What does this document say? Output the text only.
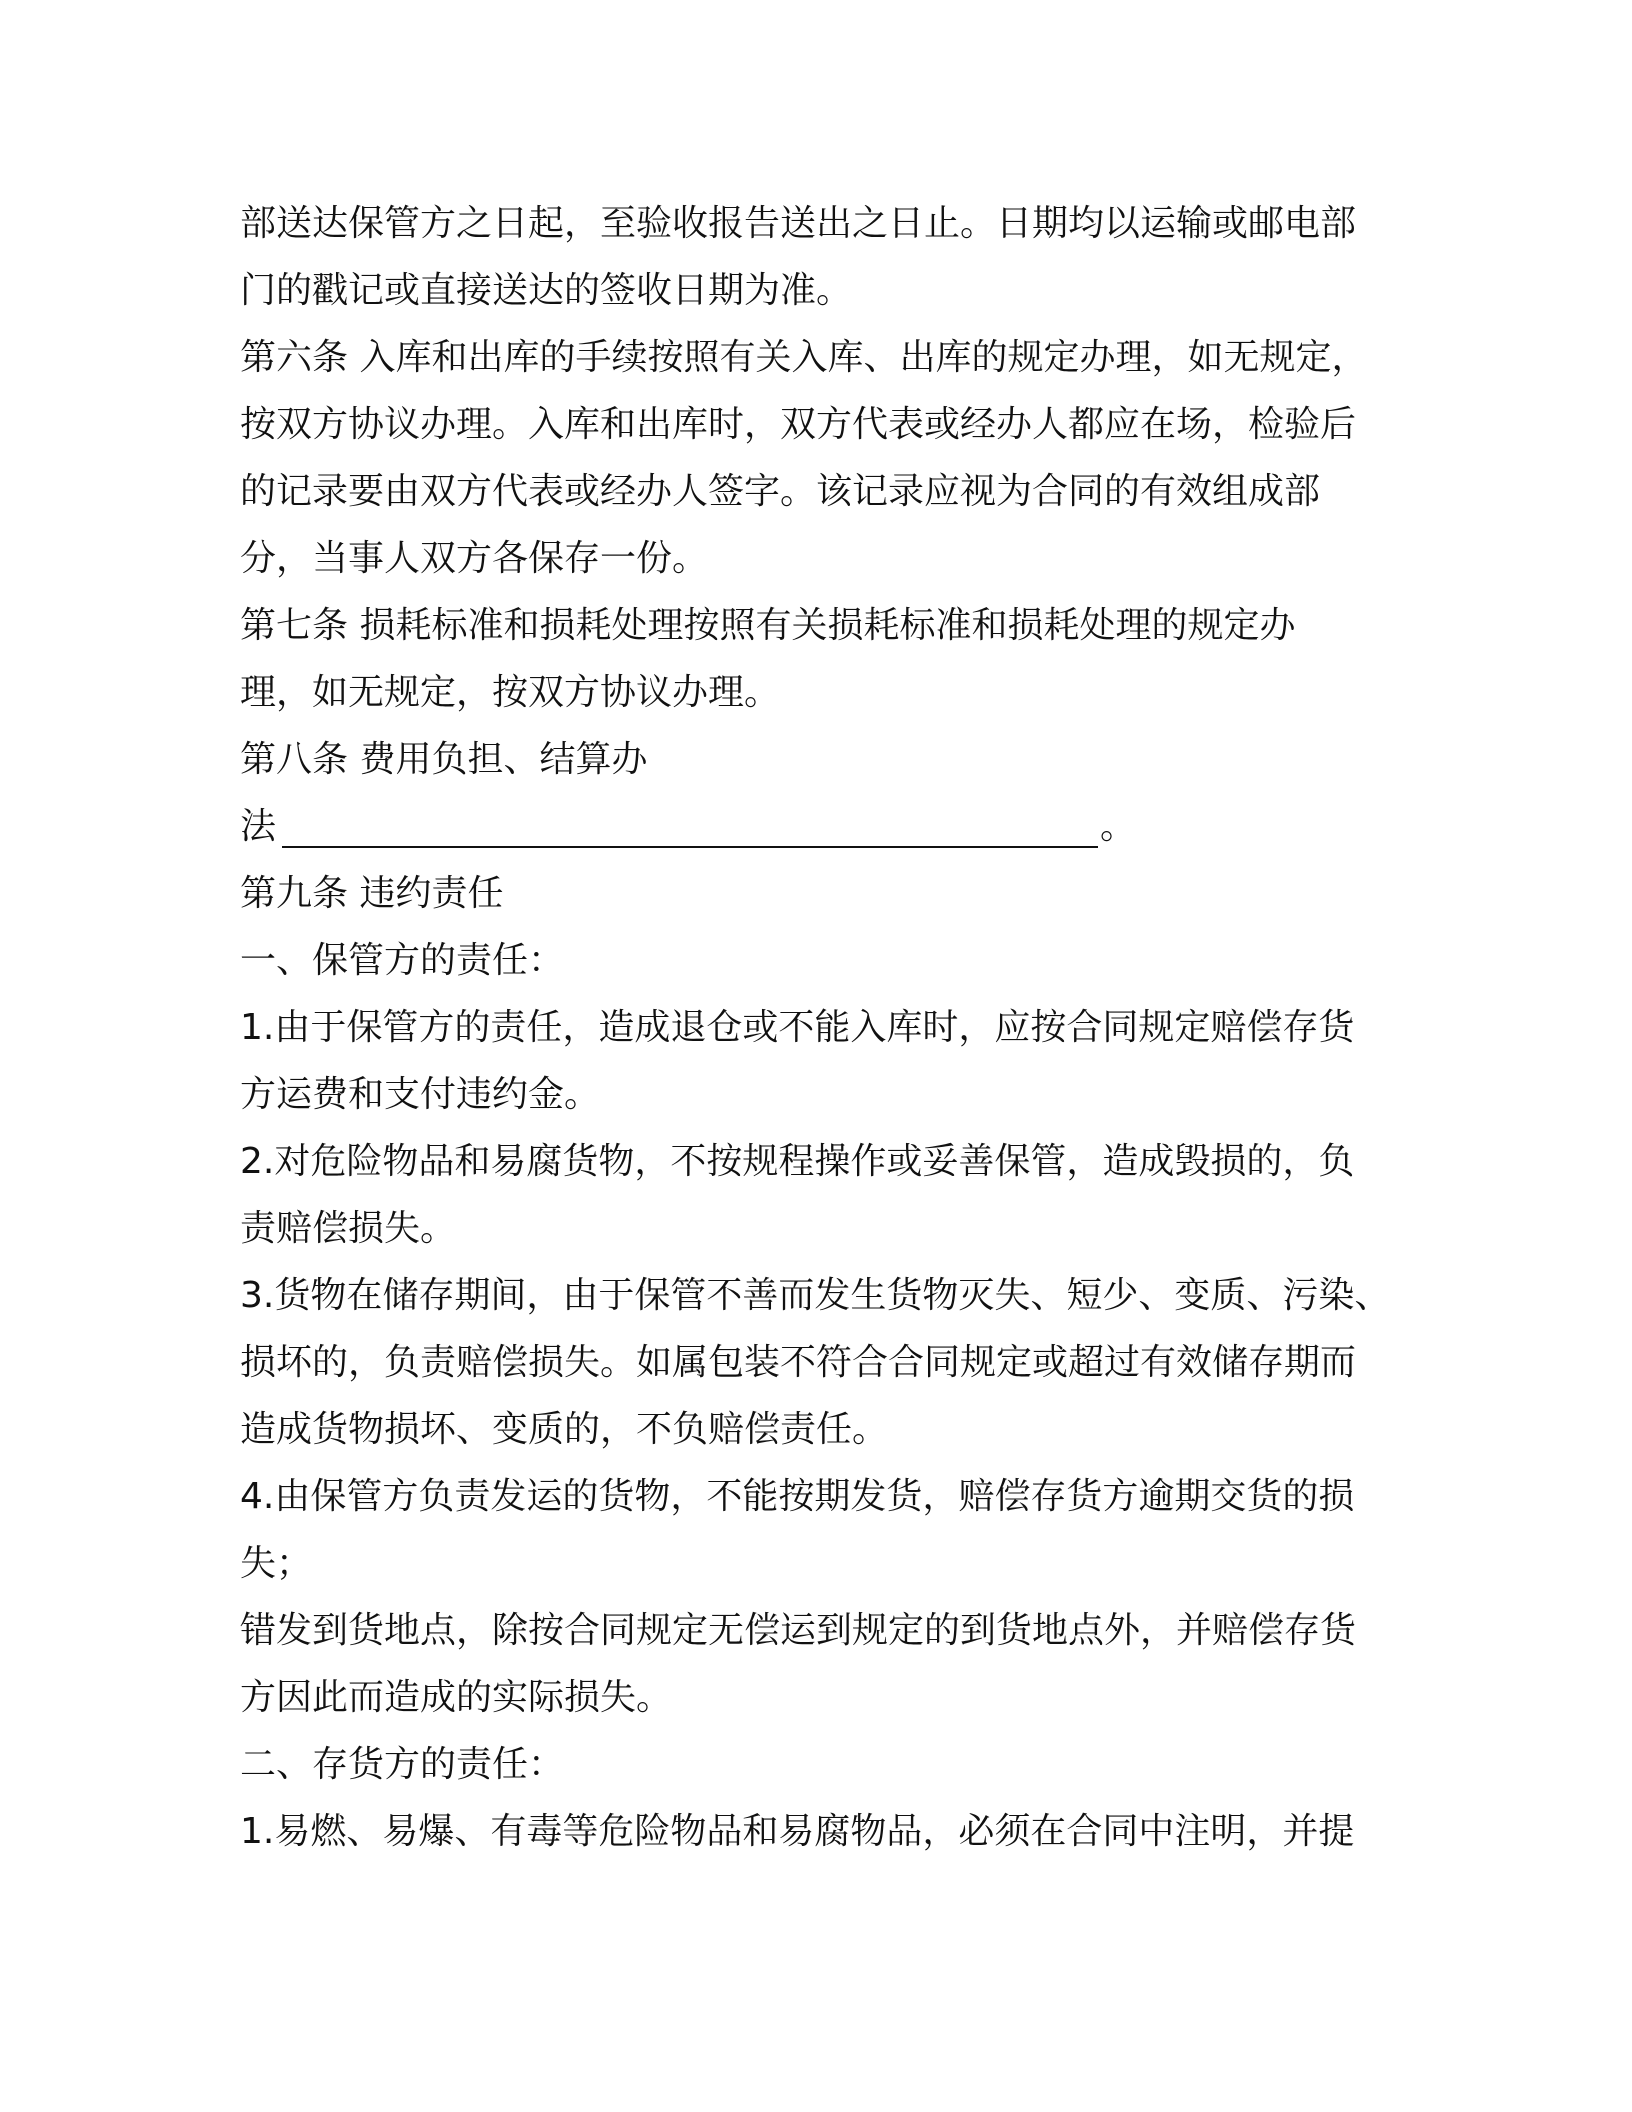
部送达保管方之日起，至验收报告送出之日止。日期均以运输或邮电部
门的戳记或直接送达的签收日期为准。
第六条 入库和出库的手续按照有关入库、出库的规定办理，如无规定，
按双方协议办理。入库和出库时，双方代表或经办人都应在场，检验后
的记录要由双方代表或经办人签字。该记录应视为合同的有效组成部
分，当事人双方各保存一份。
第七条 损耗标准和损耗处理按照有关损耗标准和损耗处理的规定办
理，如无规定，按双方协议办理。
第八条 费用负担、结算办
法	。
第九条 违约责任
一、保管方的责任：
1.由于保管方的责任，造成退仓或不能入库时，应按合同规定赔偿存货
方运费和支付违约金。
2.对危险物品和易腐货物，不按规程操作或妥善保管，造成毁损的，负
责赔偿损失。
3.货物在储存期间，由于保管不善而发生货物灭失、短少、变质、污染、
损坏的，负责赔偿损失。如属包装不符合合同规定或超过有效储存期而
造成货物损坏、变质的，不负赔偿责任。
4.由保管方负责发运的货物，不能按期发货，赔偿存货方逾期交货的损
失；
错发到货地点，除按合同规定无偿运到规定的到货地点外，并赔偿存货
方因此而造成的实际损失。
二、存货方的责任：
1.易燃、易爆、有毒等危险物品和易腐物品，必须在合同中注明，并提
